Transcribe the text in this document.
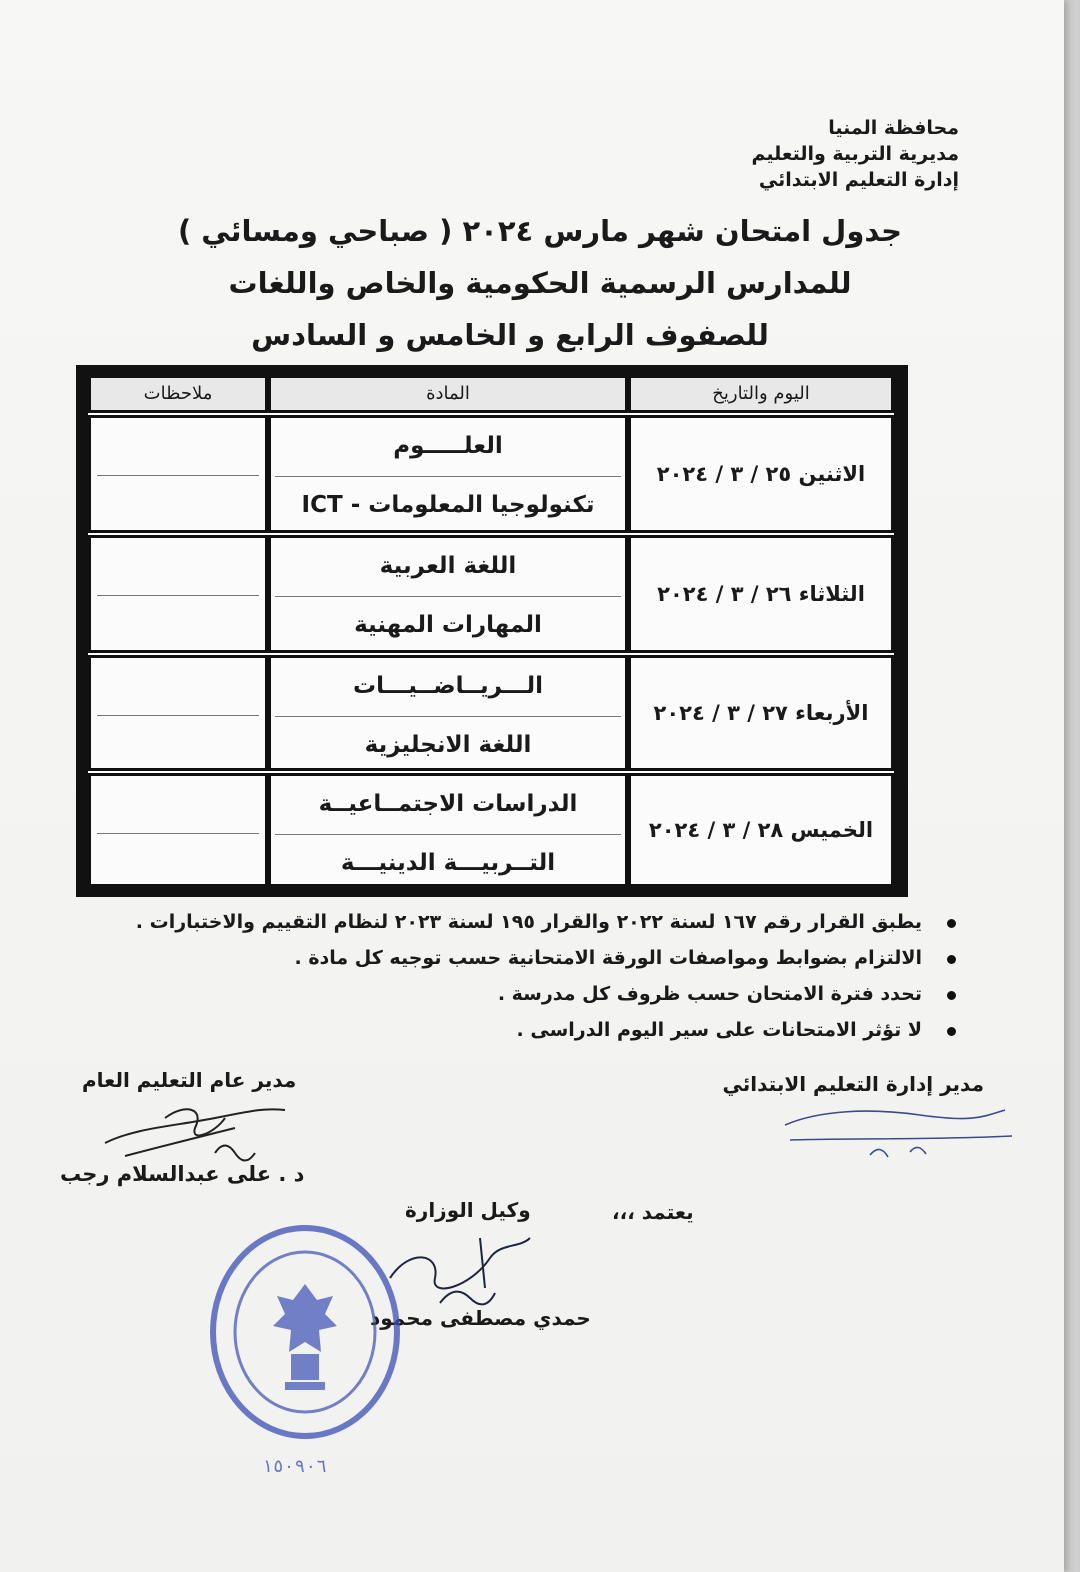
محافظة المنيا
مديرية التربية والتعليم
إدارة التعليم الابتدائي
جدول امتحان شهر مارس ٢٠٢٤ ( صباحي ومسائي )
للمدارس الرسمية الحكومية والخاص واللغات
للصفوف الرابع و الخامس و السادس
ملاحظات	المادة	اليوم والتاريخ
العلـــــوم
تكنولوجيا المعلومات - ICT
الاثنين ٢٥ / ٣ / ٢٠٢٤
اللغة العربية
المهارات المهنية
الثلاثاء ٢٦ / ٣ / ٢٠٢٤
الـــريــاضــيـــات
اللغة الانجليزية
الأربعاء ٢٧ / ٣ / ٢٠٢٤
الدراسات الاجتمــاعيــة
التــربيـــة الدينيـــة
الخميس ٢٨ / ٣ / ٢٠٢٤
يطبق القرار رقم ١٦٧ لسنة ٢٠٢٢ والقرار ١٩٥ لسنة ٢٠٢٣ لنظام التقييم والاختبارات .
الالتزام بضوابط ومواصفات الورقة الامتحانية حسب توجيه كل مادة .
تحدد فترة الامتحان حسب ظروف كل مدرسة .
لا تؤثر الامتحانات على سير اليوم الدراسى .
مدير إدارة التعليم الابتدائي
مدير عام التعليم العام
د . على عبدالسلام رجب
يعتمد ،،،
وكيل الوزارة
حمدي مصطفى محمود
١٥٠٩٠٦
